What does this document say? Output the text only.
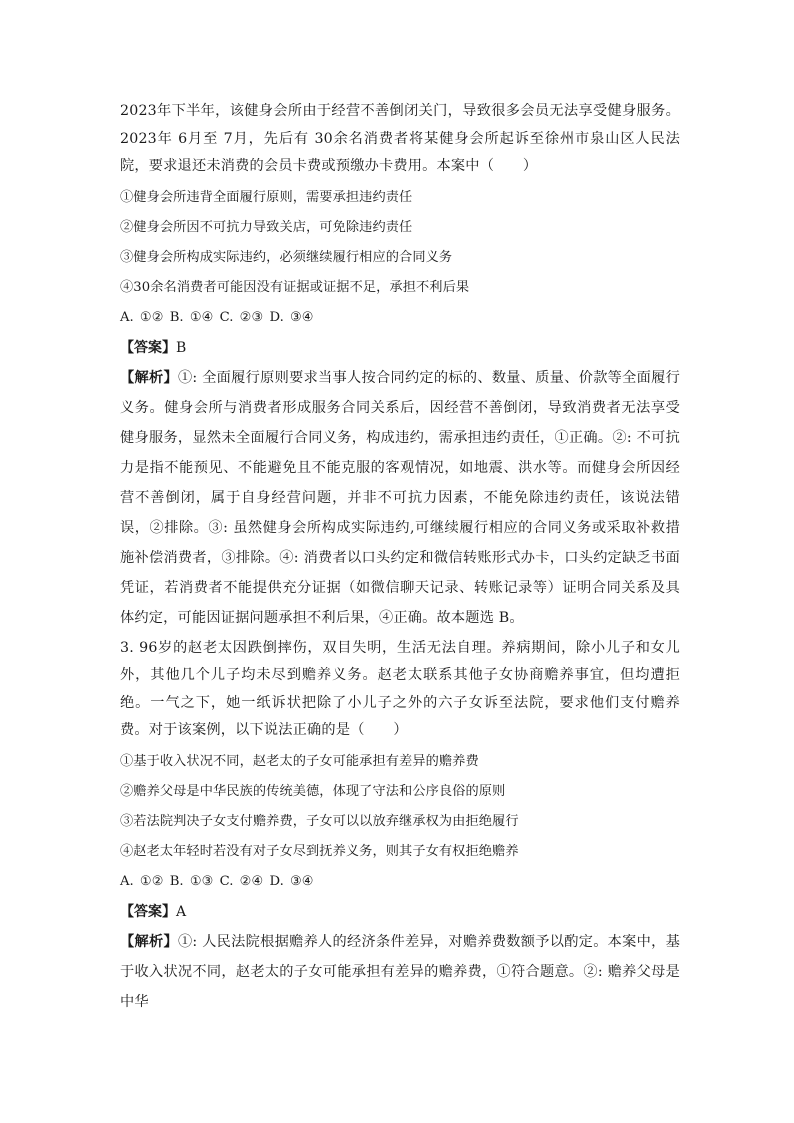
2023年下半年，该健身会所由于经营不善倒闭关门，导致很多会员无法享受健身服务。2023年 6月至 7月，先后有 30余名消费者将某健身会所起诉至徐州市泉山区人民法院，要求退还未消费的会员卡费或预缴办卡费用。本案中（　　）

①健身会所违背全面履行原则，需要承担违约责任

②健身会所因不可抗力导致关店，可免除违约责任

③健身会所构成实际违约，必须继续履行相应的合同义务

④30余名消费者可能因没有证据或证据不足，承担不利后果

A. ①② B. ①④ C. ②③ D. ③④

【答案】B

【解析】①: 全面履行原则要求当事人按合同约定的标的、数量、质量、价款等全面履行义务。健身会所与消费者形成服务合同关系后，因经营不善倒闭，导致消费者无法享受健身服务，显然未全面履行合同义务，构成违约，需承担违约责任，①正确。②: 不可抗力是指不能预见、不能避免且不能克服的客观情况，如地震、洪水等。而健身会所因经营不善倒闭，属于自身经营问题，并非不可抗力因素，不能免除违约责任，该说法错误，②排除。③: 虽然健身会所构成实际违约,可继续履行相应的合同义务或采取补救措施补偿消费者，③排除。④: 消费者以口头约定和微信转账形式办卡，口头约定缺乏书面凭证，若消费者不能提供充分证据（如微信聊天记录、转账记录等）证明合同关系及具体约定，可能因证据问题承担不利后果，④正确。故本题选 B。

3. 96岁的赵老太因跌倒摔伤，双目失明，生活无法自理。养病期间，除小儿子和女儿外，其他几个儿子均未尽到赡养义务。赵老太联系其他子女协商赡养事宜，但均遭拒绝。一气之下，她一纸诉状把除了小儿子之外的六子女诉至法院，要求他们支付赡养费。对于该案例，以下说法正确的是（　　）

①基于收入状况不同，赵老太的子女可能承担有差异的赡养费

②赡养父母是中华民族的传统美德，体现了守法和公序良俗的原则

③若法院判决子女支付赡养费，子女可以以放弃继承权为由拒绝履行

④赵老太年轻时若没有对子女尽到抚养义务，则其子女有权拒绝赡养

A. ①② B. ①③ C. ②④ D. ③④

【答案】A

【解析】①: 人民法院根据赡养人的经济条件差异，对赡养费数额予以酌定。本案中，基于收入状况不同，赵老太的子女可能承担有差异的赡养费，①符合题意。②: 赡养父母是中华
